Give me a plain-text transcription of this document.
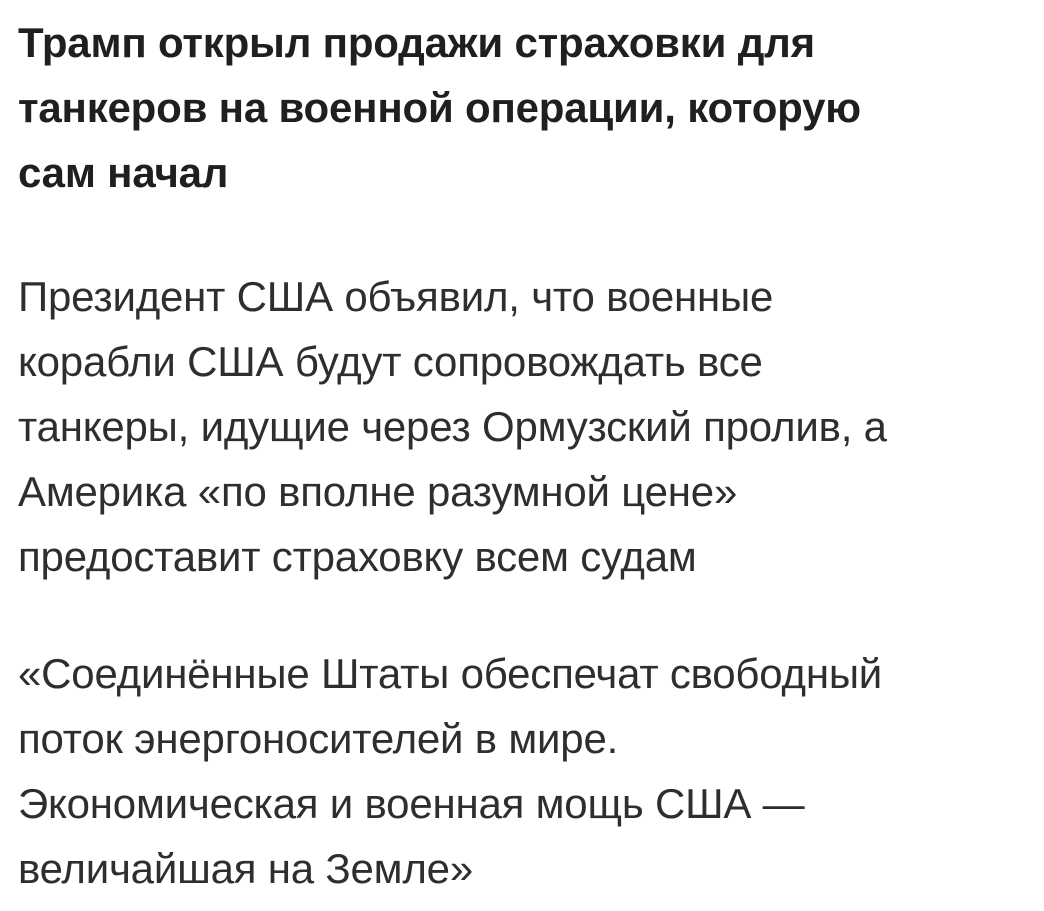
Трамп открыл продажи страховки для
танкеров на военной операции, которую
сам начал

Президент США объявил, что военные
корабли США будут сопровождать все
танкеры, идущие через Ормузский пролив, а
Америка «по вполне разумной цене»
предоставит страховку всем судам

«Соединённые Штаты обеспечат свободный
поток энергоносителей в мире.
Экономическая и военная мощь США —
величайшая на Земле»
